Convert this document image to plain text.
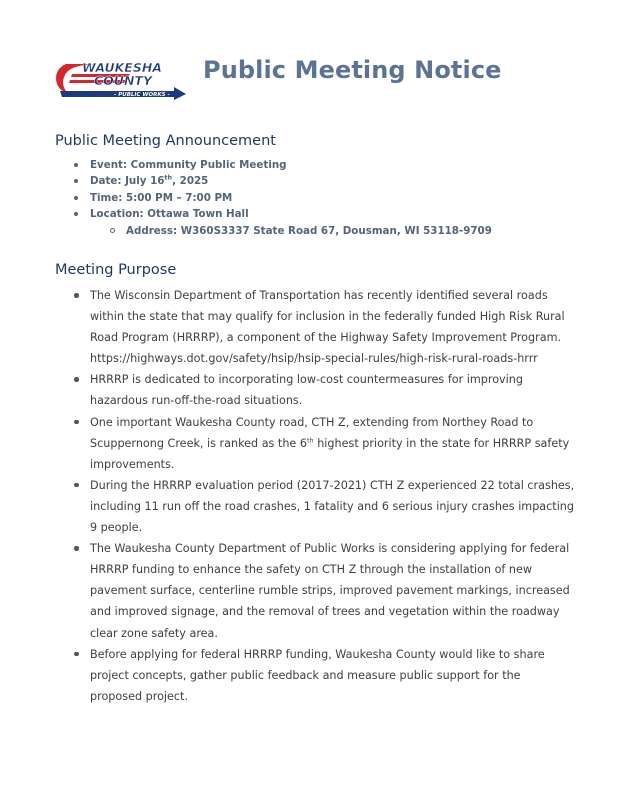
WAUKESHA
COUNTY
- PUBLIC WORKS -
Public Meeting Notice
Public Meeting Announcement
Event: Community Public Meeting
Date: July 16th, 2025
Time: 5:00 PM – 7:00 PM
Location: Ottawa Town Hall
Address: W360S3337 State Road 67, Dousman, WI 53118-9709
Meeting Purpose
The Wisconsin Department of Transportation has recently identified several roads
within the state that may qualify for inclusion in the federally funded High Risk Rural
Road Program (HRRRP), a component of the Highway Safety Improvement Program.
https://highways.dot.gov/safety/hsip/hsip-special-rules/high-risk-rural-roads-hrrr
HRRRP is dedicated to incorporating low-cost countermeasures for improving
hazardous run-off-the-road situations.
One important Waukesha County road, CTH Z, extending from Northey Road to
Scuppernong Creek, is ranked as the 6th highest priority in the state for HRRRP safety
improvements.
During the HRRRP evaluation period (2017-2021) CTH Z experienced 22 total crashes,
including 11 run off the road crashes, 1 fatality and 6 serious injury crashes impacting
9 people.
The Waukesha County Department of Public Works is considering applying for federal
HRRRP funding to enhance the safety on CTH Z through the installation of new
pavement surface, centerline rumble strips, improved pavement markings, increased
and improved signage, and the removal of trees and vegetation within the roadway
clear zone safety area.
Before applying for federal HRRRP funding, Waukesha County would like to share
project concepts, gather public feedback and measure public support for the
proposed project.
